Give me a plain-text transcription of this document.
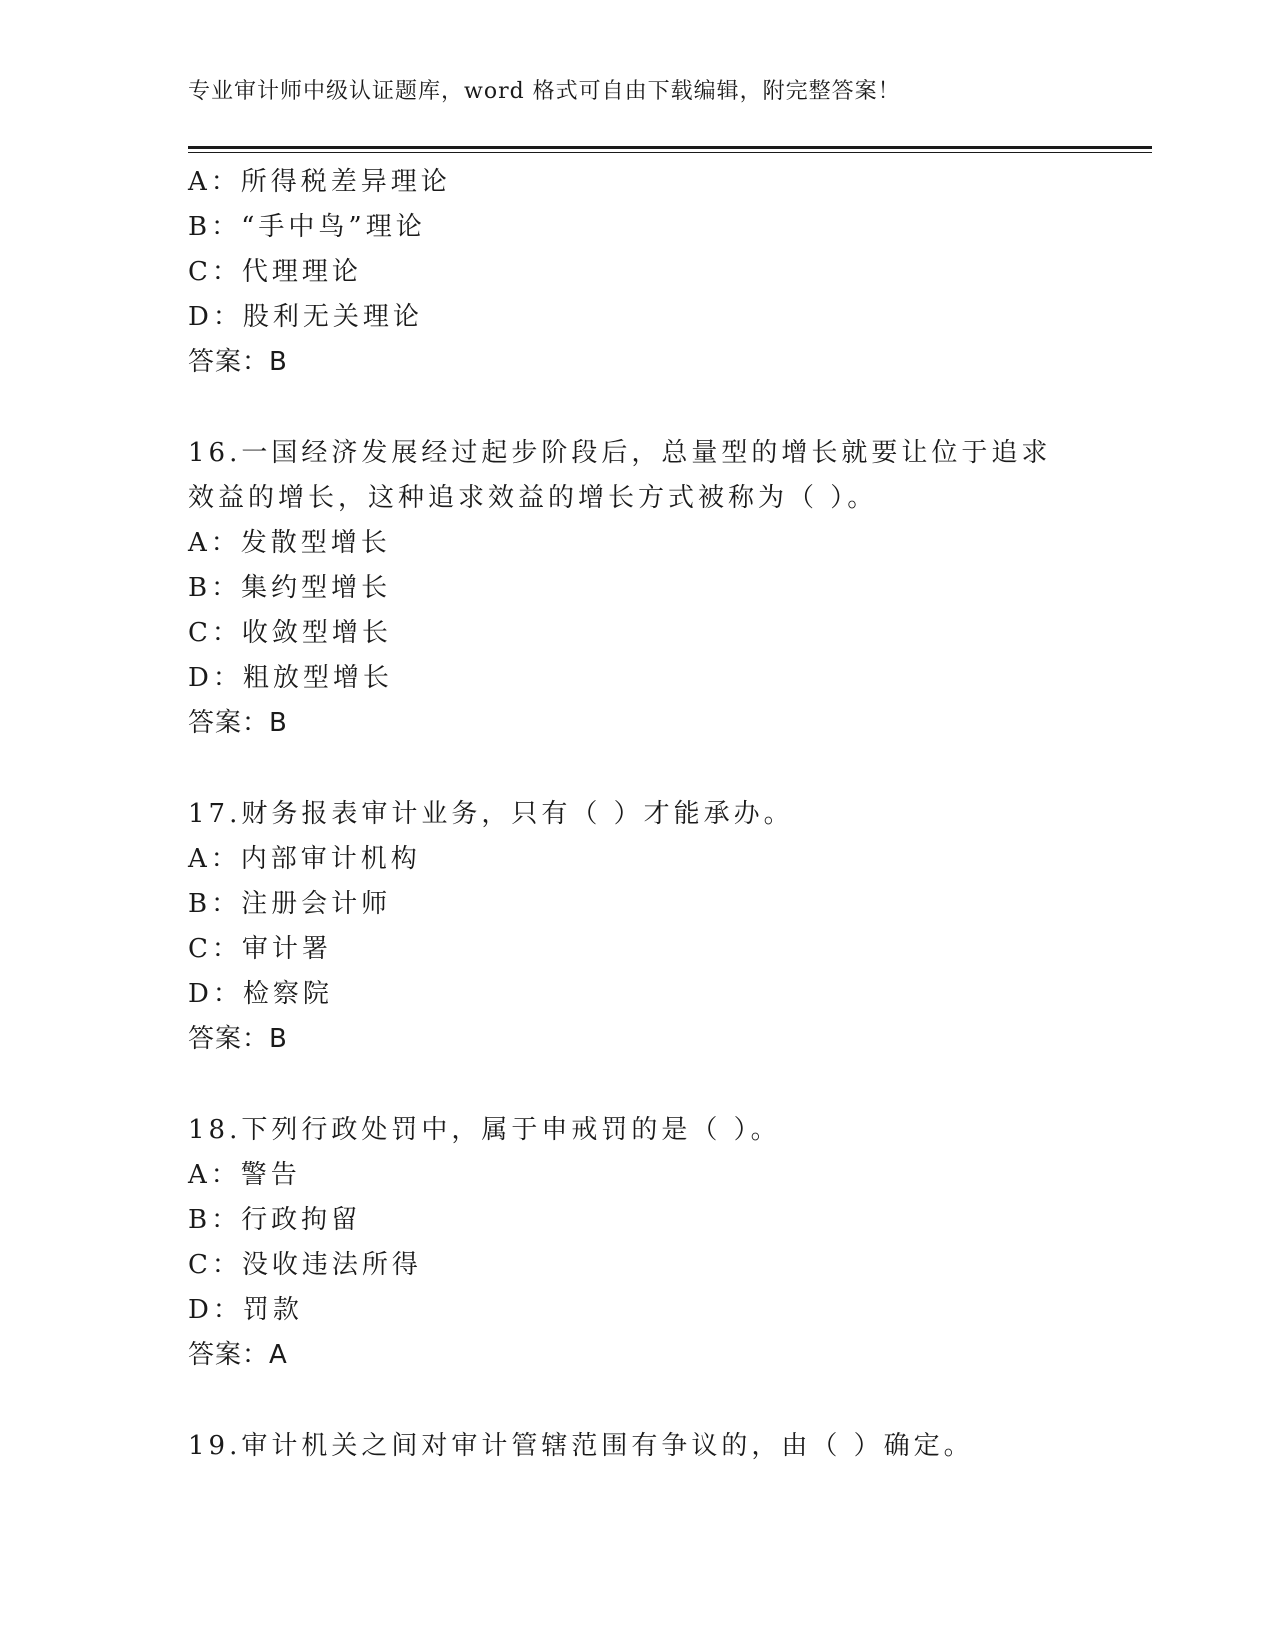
专业审计师中级认证题库，word 格式可自由下载编辑，附完整答案！
A：所得税差异理论
B：“手中鸟”理论
C：代理理论
D：股利无关理论
答案：B
16.一国经济发展经过起步阶段后，总量型的增长就要让位于追求效益的增长，这种追求效益的增长方式被称为（ ）。
A：发散型增长
B：集约型增长
C：收敛型增长
D：粗放型增长
答案：B
17.财务报表审计业务，只有（ ）才能承办。
A：内部审计机构
B：注册会计师
C：审计署
D：检察院
答案：B
18.下列行政处罚中，属于申戒罚的是（ ）。
A：警告
B：行政拘留
C：没收违法所得
D：罚款
答案：A
19.审计机关之间对审计管辖范围有争议的，由（ ）确定。
